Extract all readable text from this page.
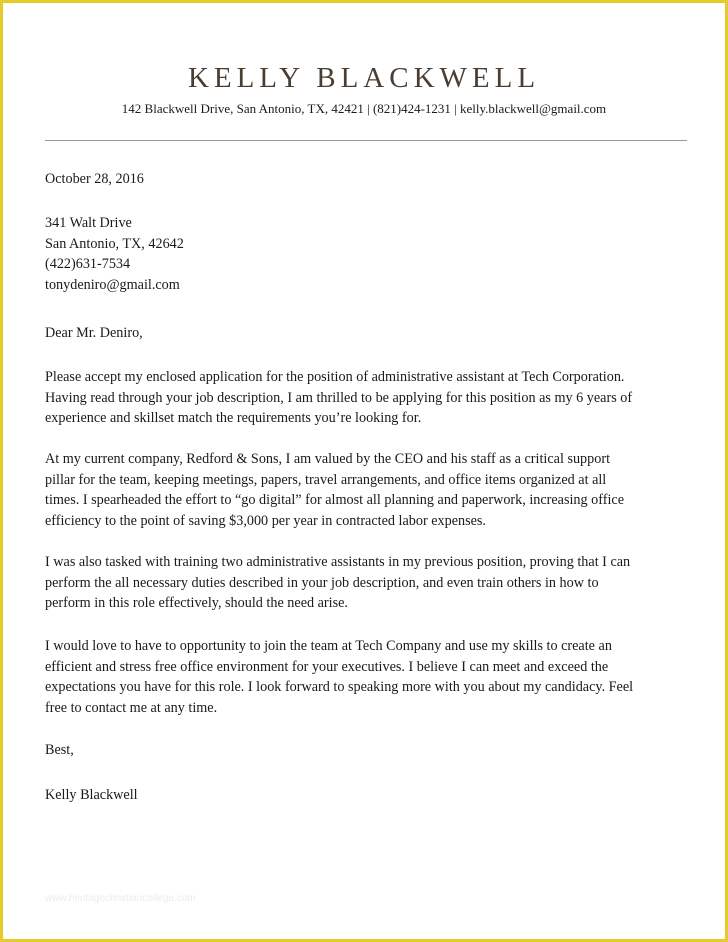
KELLY BLACKWELL
142 Blackwell Drive, San Antonio, TX, 42421 | (821)424-1231 | kelly.blackwell@gmail.com
October 28, 2016
341 Walt Drive
San Antonio, TX, 42642
(422)631-7534
tonydeniro@gmail.com
Dear Mr. Deniro,
Please accept my enclosed application for the position of administrative assistant at Tech Corporation.
Having read through your job description, I am thrilled to be applying for this position as my 6 years of
experience and skillset match the requirements you’re looking for.
At my current company, Redford & Sons, I am valued by the CEO and his staff as a critical support
pillar for the team, keeping meetings, papers, travel arrangements, and office items organized at all
times. I spearheaded the effort to “go digital” for almost all planning and paperwork, increasing office
efficiency to the point of saving $3,000 per year in contracted labor expenses.
I was also tasked with training two administrative assistants in my previous position, proving that I can
perform the all necessary duties described in your job description, and even train others in how to
perform in this role effectively, should the need arise.
I would love to have to opportunity to join the team at Tech Company and use my skills to create an
efficient and stress free office environment for your executives. I believe I can meet and exceed the
expectations you have for this role. I look forward to speaking more with you about my candidacy. Feel
free to contact me at any time.
Best,
Kelly Blackwell
www.heritagechristiancollege.com
